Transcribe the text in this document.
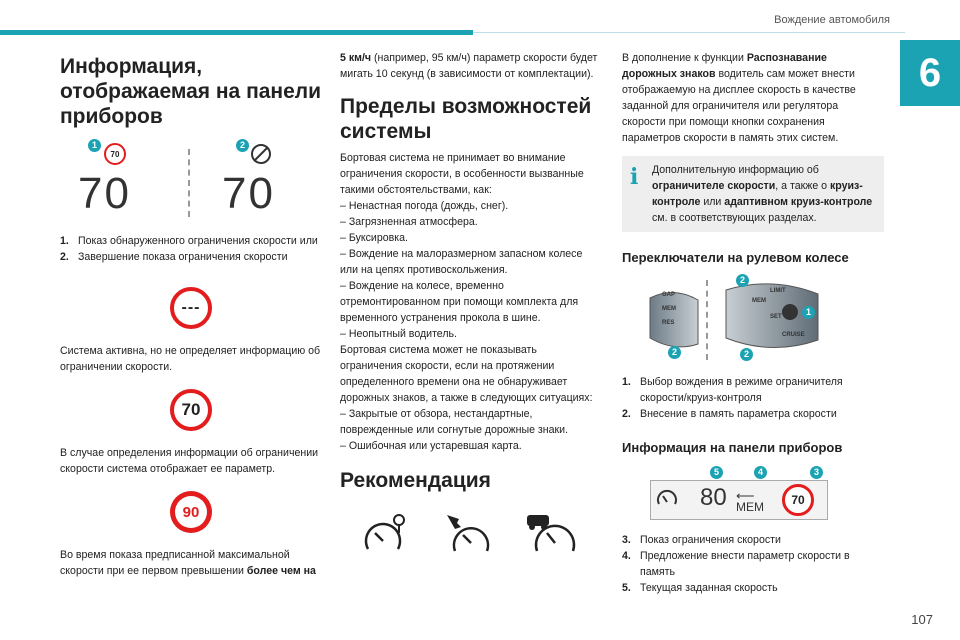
Вождение автомобиля
6
107
Информация, отображаемая на панели приборов
1
70
70
2
70
1. Показ обнаруженного ограничения скорости или
2. Завершение показа ограничения скорости
---

Система активна, но не определяет информацию об ограничении скорости.

70

В случае определения информации об ограничении скорости система отображает ее параметр.

90

Во время показа предписанной максимальной скорости при ее первом превышении более чем на

5 км/ч (например, 95 км/ч) параметр скорости будет мигать 10 секунд (в зависимости от комплектации).

Пределы возможностей системы

Бортовая система не принимает во внимание ограничения скорости, в особенности вызванные такими обстоятельствами, как:

– Ненастная погода (дождь, снег).
– Загрязненная атмосфера.
– Буксировка.
– Вождение на малоразмерном запасном колесе или на цепях противоскольжения.
– Вождение на колесе, временно отремонтированном при помощи комплекта для временного устранения прокола в шине.
– Неопытный водитель.

Бортовая система может не показывать ограничения скорости, если на протяжении определенного времени она не обнаруживает дорожных знаков, а также в следующих ситуациях:

– Закрытые от обзора, нестандартные, поврежденные или согнутые дорожные знаки.
– Ошибочная или устаревшая карта.
Рекомендация

В дополнение к функции Распознавание дорожных знаков водитель сам может внести отображаемую на дисплее скорость в качестве заданной для ограничителя или регулятора скорости при помощи кнопки сохранения параметров скорости в память этих систем.

i	Дополнительную информацию об ограничителе скорости, а также о круиз-контроле или адаптивном круиз-контроле см. в соответствующих разделах.

Переключатели на рулевом колесе
GAP
MEM
LIMIT
MEM
SET
CRUISE
RES
2
1
2	2
1. Выбор вождения в режиме ограничителя скорости/круиз-контроля
2. Внесение в память параметра скорости
Информация на панели приборов
5	4	3
80 ⟵
MEM	70
3. Показ ограничения скорости
4. Предложение внести параметр скорости в память
5. Текущая заданная скорость
